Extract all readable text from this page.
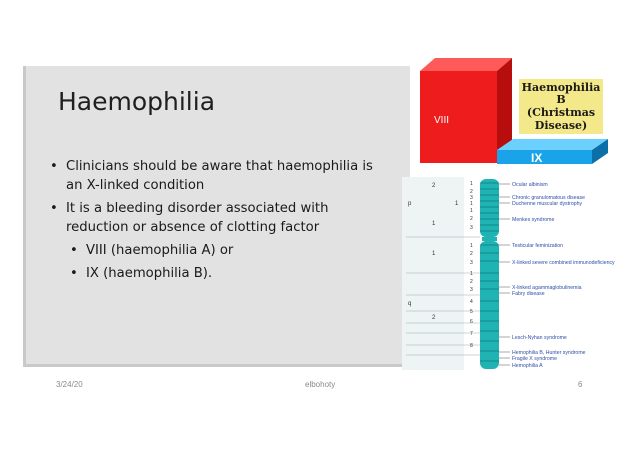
Haemophilia
• Clinicians should be aware that haemophilia is an X-linked condition
• It is a bleeding disorder associated with reduction or absence of clotting factor
• VIII (haemophilia A) or
• IX (haemophilia B).
VIII
IX
Haemophilia
B
(Christmas
Disease)
p
q
2
1
1
1
2
1
2
3
1
1
2
3
1
2
3
1
2
3
4
5
6
7
8
Ocular albinism
Chronic granulomatous disease
Duchenne muscular dystrophy
Menkes syndrome
Testicular feminization
X-linked severe combined immunodeficiency
X-linked agammaglobulinemia
Fabry disease
Lesch-Nyhan syndrome
Hemophilia B, Hunter syndrome
Fragile X syndrome
Hemophilia A
3/24/20	elbohoty	6
